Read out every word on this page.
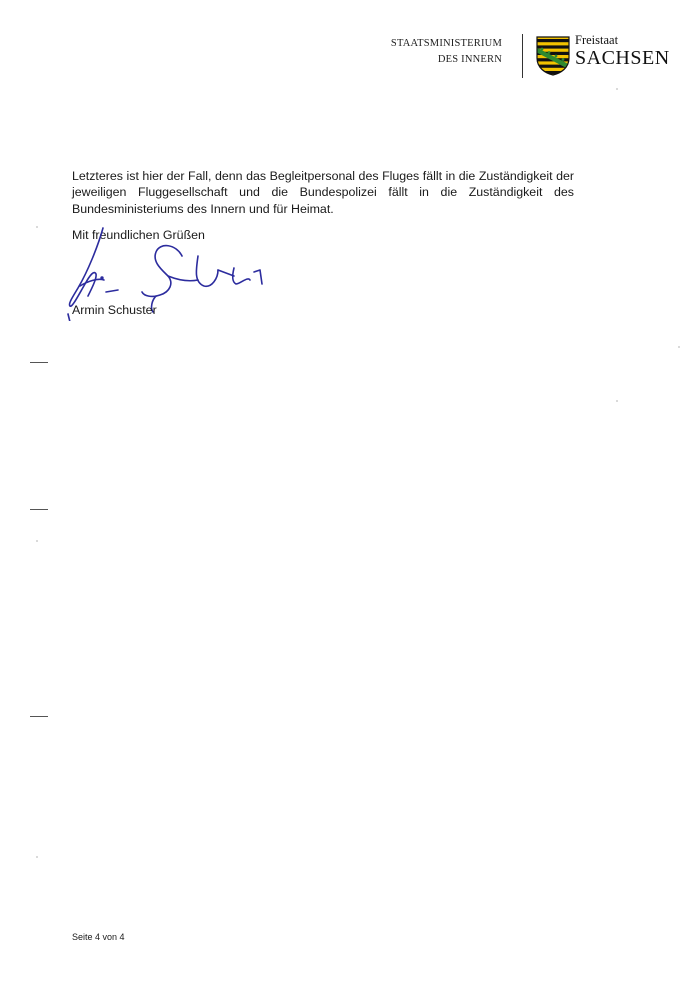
STAATSMINISTERIUM
DES INNERN
Freistaat
SACHSEN

Letzteres ist hier der Fall, denn das Begleitpersonal des Fluges fällt in die Zuständigkeit der jeweiligen Fluggesellschaft und die Bundespolizei fällt in die Zuständigkeit des Bundesministeriums des Innern und für Heimat.

Mit freundlichen Grüßen

Armin Schuster

Seite 4 von 4
